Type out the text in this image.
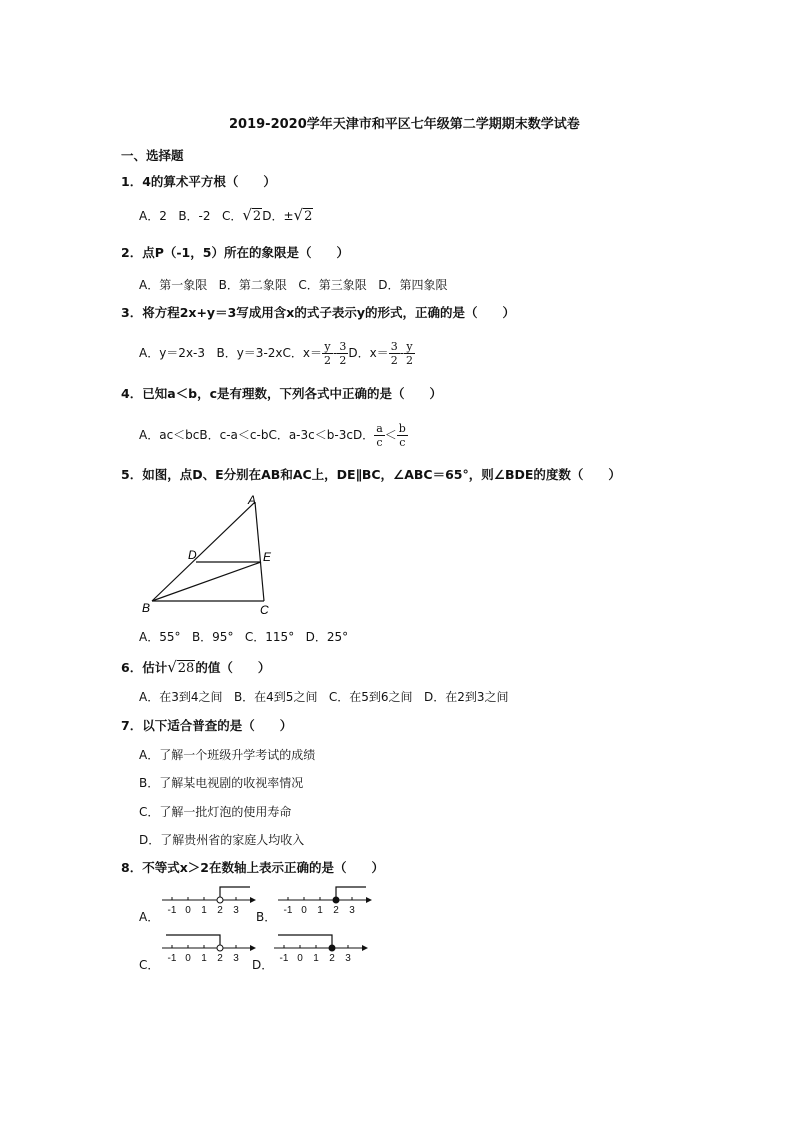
2019-2020学年天津市和平区七年级第二学期期末数学试卷
一、选择题
1．4的算术平方根（　　）
A．2 B．-2 C．√2D．±√2
2．点P（-1，5）所在的象限是（　　）
A．第一象限 B．第二象限 C．第三象限 D．第四象限
3．将方程2x+y＝3写成用含x的式子表示y的形式，正确的是（　　）
A．y＝2x-3 B．y＝3-2xC．$x= \frac{y}{2} - \frac{3}{2}$ D．$x= \frac{3}{2} - \frac{y}{2}$
4．已知a＜b，c是有理数，下列各式中正确的是（　　）
A．ac＜bcB．c-a＜c-bC．a-3c＜b-3cD． $\frac{a}{c} < \frac{b}{c}$
5．如图，点D、E分别在AB和AC上，DE∥BC，∠ABC＝65°，则∠BDE的度数（　　）
A
B	C
D	E
A．55° B．95° C．115° D．25°
6．估计√28的值（　　）
A．在3到4之间 B．在4到5之间 C．在5到6之间 D．在2到3之间
7．以下适合普查的是（　　）
A．了解一个班级升学考试的成绩
B．了解某电视剧的收视率情况
C．了解一批灯泡的使用寿命
D．了解贵州省的家庭人均收入
8．不等式x＞2在数轴上表示正确的是（　　）
A．	B．
C．	D．
-1 0 1 2 3	-1 0 1 2 3
-1 0 1 2 3	-1 0 1 2 3
